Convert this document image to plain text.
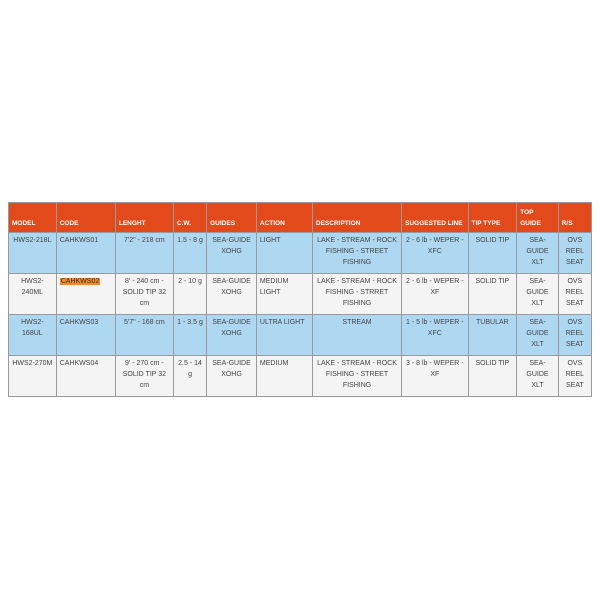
MODEL	CODE	LENGHT	C.W.	GUIDES	ACTION	DESCRIPTION	SUGGESTED LINE	TIP TYPE	TOP GUIDE	R/S
HWS2-218L	CAHKWS01	7'2" - 218 cm	1.5 - 8 g	SEA-GUIDE XOHG	LIGHT	LAKE - STREAM - ROCK FISHING - STREET FISHING	2 - 6 lb - WEPER - XFC	SOLID TIP	SEA-GUIDE XLT	OVS REEL SEAT
HWS2-240ML	CAHKWS02	8' - 240 cm - SOLID TIP 32 cm	2 - 10 g	SEA-GUIDE XOHG	MEDIUM LIGHT	LAKE - STREAM - ROCK FISHING - STRRET FISHING	2 - 6 lb - WEPER - XF	SOLID TIP	SEA-GUIDE XLT	OVS REEL SEAT
HWS2-168UL	CAHKWS03	5'7" - 168 cm	1 - 3.5 g	SEA-GUIDE XOHG	ULTRA LIGHT	STREAM	1 - 5 lb - WEPER - XFC	TUBULAR	SEA-GUIDE XLT	OVS REEL SEAT
HWS2-270M	CAHKWS04	9' - 270 cm - SOLID TIP 32 cm	2.5 - 14 g	SEA-GUIDE XOHG	MEDIUM	LAKE - STREAM - ROCK FISHING - STREET FISHING	3 - 8 lb - WEPER - XF	SOLID TIP	SEA-GUIDE XLT	OVS REEL SEAT
